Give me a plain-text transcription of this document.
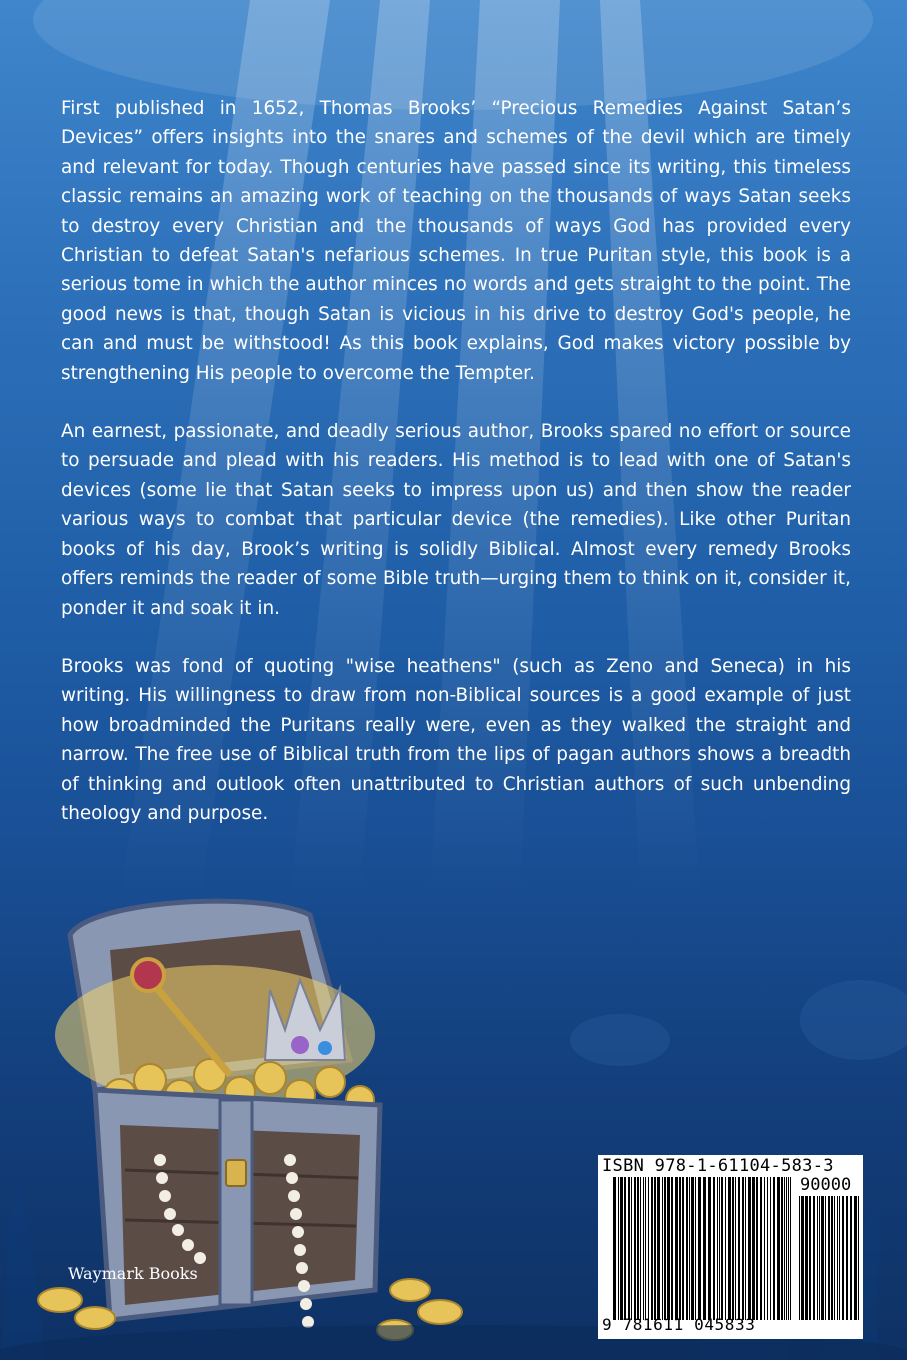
First published in 1652, Thomas Brooks’ “Precious Remedies Against Satan’s Devices” offers insights into the snares and schemes of the devil which are timely and relevant for today. Though centuries have passed since its writing, this timeless classic remains an amazing work of teaching on the thousands of ways Satan seeks to destroy every Christian and the thousands of ways God has provided every Christian to defeat Satan's nefarious schemes. In true Puritan style, this book is a serious tome in which the author minces no words and gets straight to the point. The good news is that, though Satan is vicious in his drive to destroy God's people, he can and must be withstood! As this book explains, God makes victory possible by strengthening His people to overcome the Tempter.

An earnest, passionate, and deadly serious author, Brooks spared no effort or source to persuade and plead with his readers. His method is to lead with one of Satan's devices (some lie that Satan seeks to impress upon us) and then show the reader various ways to combat that particular device (the remedies). Like other Puritan books of his day, Brook’s writing is solidly Biblical. Almost every remedy Brooks offers reminds the reader of some Bible truth—urging them to think on it, consider it, ponder it and soak it in.

Brooks was fond of quoting "wise heathens" (such as Zeno and Seneca) in his writing. His willingness to draw from non-Biblical sources is a good example of just how broadminded the Puritans really were, even as they walked the straight and narrow. The free use of Biblical truth from the lips of pagan authors shows a breadth of thinking and outlook often unattributed to Christian authors of such unbending theology and purpose.

Waymark Books
ISBN 978-1-61104-583-3
90000
9 781611 045833
